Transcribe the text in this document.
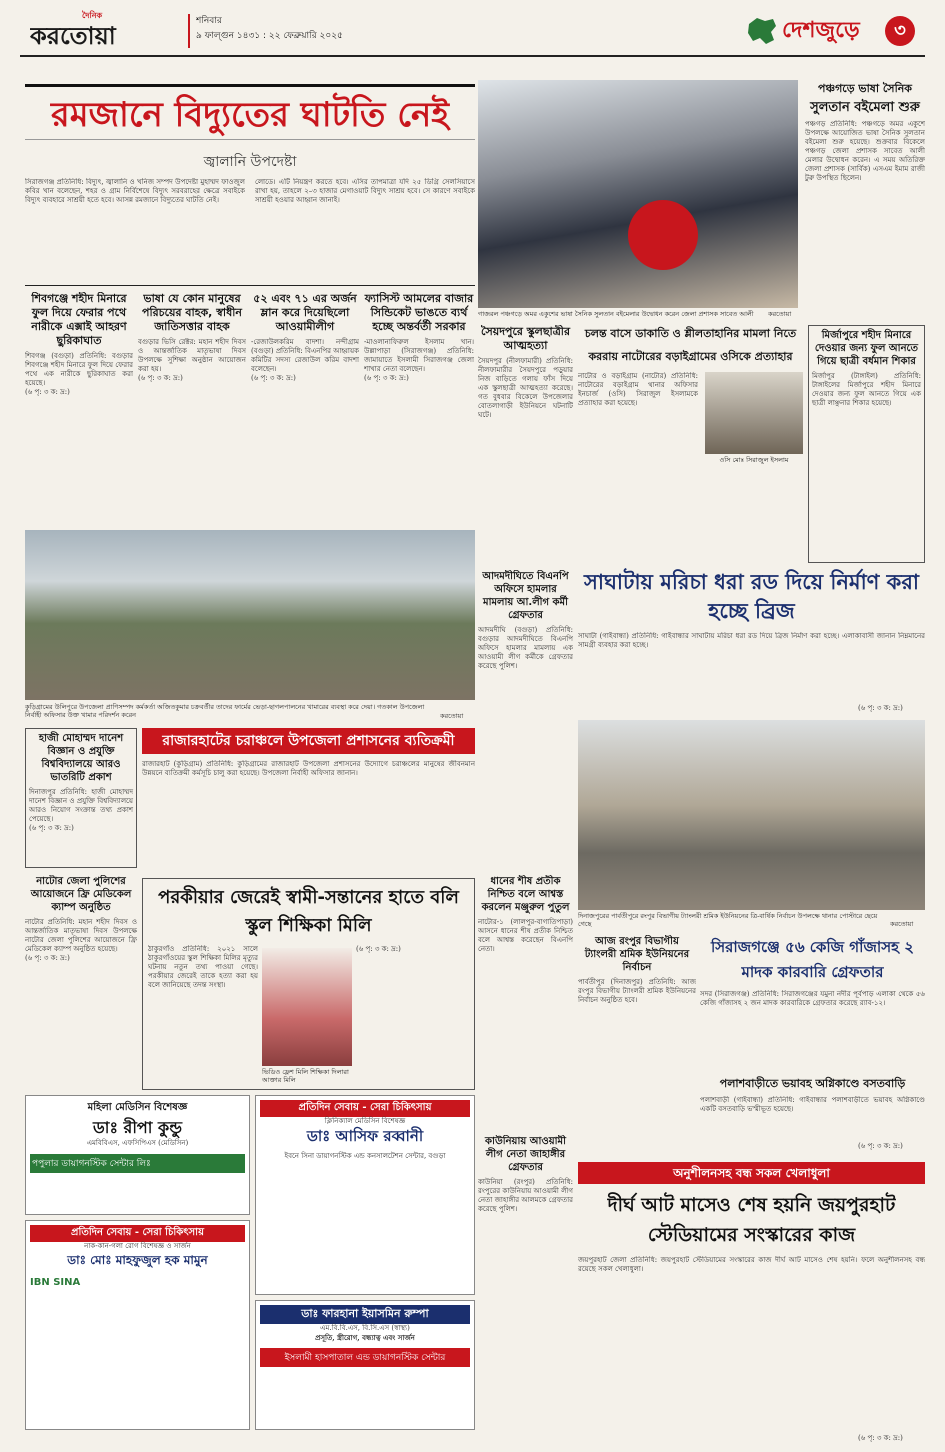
দৈনিক
করতোয়া
শনিবার
৯ ফাল্গুন ১৪৩১ : ২২ ফেব্রুয়ারি ২০২৫	দেশজুড়ে	৩
রমজানে বিদ্যুতের ঘাটতি নেই
জ্বালানি উপদেষ্টা
সিরাজগঞ্জ প্রতিনিধি: বিদ্যুৎ, জ্বালানি ও খনিজ সম্পদ উপদেষ্টা মুহাম্মদ ফাওজুল কবির খান বলেছেন, শহর ও গ্রাম নির্বিশেষে বিদ্যুৎ সরবরাহের ক্ষেত্রে সবাইকে বিদ্যুৎ ব্যবহারে সাশ্রয়ী হতে হবে। আসন্ন রমজানে বিদ্যুতের ঘাটতি নেই।
লোডে। এটি নিয়ন্ত্রণ করতে হবে। এসির তাপমাত্রা যদি ২৫ ডিগ্রি সেলসিয়াসে রাখা হয়, তাহলে ২–৩ হাজার মেগাওয়াট বিদ্যুৎ সাশ্রয় হবে। সে কারণে সবাইকে সাশ্রয়ী হওয়ার আহ্বান জানাই।
গাজরল পঞ্চগড়ে অমর একুশের ভাষা সৈনিক সুলতান বইমেলার উদ্বোধন করেন জেলা প্রশাসক সাবেত আলী	করতোয়া
পঞ্চগড়ে ভাষা সৈনিক
সুলতান বইমেলা শুরু
পঞ্চগড় প্রতিনিধি: পঞ্চগড়ে অমর একুশে উপলক্ষে আয়োজিত ভাষা সৈনিক সুলতান বইমেলা শুরু হয়েছে। শুক্রবার বিকেলে পঞ্চগড় জেলা প্রশাসক সাবেত আলী মেলার উদ্বোধন করেন। এ সময় অতিরিক্ত জেলা প্রশাসক (সার্বিক) এসএম ইমাম রাজী টুরু উপস্থিত ছিলেন।
শিবগঞ্জে শহীদ মিনারে ফুল দিয়ে ফেরার পথে নারীকে এক্সাই আহরণ ছুরিকাঘাত
শিবগঞ্জ (বগুড়া) প্রতিনিধি: বগুড়ার শিবগঞ্জে শহীদ মিনারে ফুল দিয়ে ফেরার পথে এক নারীকে ছুরিকাঘাত করা হয়েছে।
(৬ পৃ: ৩ ক: দ্র:)
ভাষা যে কোন মানুষের পরিচয়ের বাহক, স্বাধীন জাতিসত্তার বাহক
বগুড়ার ভিসি রেক্টর: মহান শহীদ দিবস ও আন্তর্জাতিক মাতৃভাষা দিবস উপলক্ষে সুশিক্ষা অনুষ্ঠান আয়োজন করা হয়।
(৬ পৃ: ৩ ক: দ্র:)
৫২ এবং ৭১ এর অর্জন ম্লান করে দিয়েছিলো আওয়ামীলীগ
-রেজাউলকরিম বাদশা। নন্দীগ্রাম (বগুড়া) প্রতিনিধি: বিএনপির আহ্বায়ক কমিটির সদস্য রেজাউল করিম বাদশা বলেছেন।
(৬ পৃ: ৩ ক: দ্র:)
ফ্যাসিস্ট আমলের বাজার সিন্ডিকেট ভাঙতে ব্যর্থ হচ্ছে অন্তর্বর্তী সরকার
-মাওলানাফিরুল ইসলাম খান। উল্লাপাড়া (সিরাজগঞ্জ) প্রতিনিধি: জামায়াতে ইসলামী সিরাজগঞ্জ জেলা শাখার নেতা বলেছেন।
(৬ পৃ: ৩ ক: দ্র:)
কুড়িগ্রামের উলিপুরে উপজেলা প্রাণিসম্পদ কর্মকর্তা অজিতকুমার চক্রবর্তীর তাদের ফার্মের ভেড়া-ছাগলপালনের খামারের ব্যবস্থা করে দেয়া। গতকাল উপজেলা নির্বাহী অফিসার উক্ত খামার পরিদর্শন করেন	করতোয়া
সৈয়দপুরে স্কুলছাত্রীর আত্মহত্যা
সৈয়দপুর (নীলফামারী) প্রতিনিধি: নীলফামারীর সৈয়দপুরে পড়ুয়ার নিজ বাড়িতে গলায় ফাঁস দিয়ে এক স্কুলছাত্রী আত্মহত্যা করেছে। গত বুধবার বিকেলে উপজেলার বোতলাগাড়ী ইউনিয়নে ঘটনাটি ঘটে।
আদমদীঘিতে বিএনপি অফিসে হামলার মামলায় আ.লীগ কর্মী গ্রেফতার
আদমদীঘি (বগুড়া) প্রতিনিধি: বগুড়ার আদমদীঘিতে বিএনপি অফিসে হামলার মামলায় এক আওয়ামী লীগ কর্মীকে গ্রেফতার করেছে পুলিশ।
চলন্ত বাসে ডাকাতি ও শ্লীলতাহানির মামলা নিতে
কররায় নাটোরের বড়াইগ্রামের ওসিকে প্রত্যাহার
নাটোর ও বড়াইগ্রাম (নাটোর) প্রতিনিধি: নাটোরের বড়াইগ্রাম থানার অফিসার ইনচার্জ (ওসি) সিরাজুল ইসলামকে প্রত্যাহার করা হয়েছে।
ওসি মোঃ সিরাজুল ইসলাম
মির্জাপুরে শহীদ মিনারে দেওয়ার জন্য ফুল আনতে গিয়ে ছাত্রী বর্ধমান শিকার
মির্জাপুর (টাঙ্গাইল) প্রতিনিধি: টাঙ্গাইলের মির্জাপুরে শহীদ মিনারে দেওয়ার জন্য ফুল আনতে গিয়ে এক ছাত্রী লাঞ্ছনার শিকার হয়েছে।
সাঘাটায় মরিচা ধরা রড দিয়ে নির্মাণ করা হচ্ছে ব্রিজ
সাঘাটা (গাইবান্ধা) প্রতিনিধি: গাইবান্ধার সাঘাটায় মরিচা ধরা রড দিয়ে ব্রিজ নির্মাণ করা হচ্ছে। এলাকাবাসী জানান নিম্নমানের সামগ্রী ব্যবহার করা হচ্ছে।
(৬ পৃ: ৩ ক: দ্র:)
হাজী মোহাম্মদ দানেশ বিজ্ঞান ও প্রযুক্তি বিশ্ববিদ্যালয়ে আরও ভাতরিটি প্রকাশ
দিনাজপুর প্রতিনিধি: হাজী মোহাম্মদ দানেশ বিজ্ঞান ও প্রযুক্তি বিশ্ববিদ্যালয়ে আরও নিয়োগ সংক্রান্ত তথ্য প্রকাশ পেয়েছে।
(৬ পৃ: ৩ ক: দ্র:)
রাজারহাটের চরাঞ্চলে উপজেলা প্রশাসনের ব্যতিক্রমী
রাজারহাট (কুড়িগ্রাম) প্রতিনিধি: কুড়িগ্রামের রাজারহাট উপজেলা প্রশাসনের উদ্যোগে চরাঞ্চলের মানুষের জীবনমান উন্নয়নে ব্যতিক্রমী কর্মসূচি চালু করা হয়েছে। উপজেলা নির্বাহী অফিসার জানান।
নাটোর জেলা পুলিশের আয়োজনে ফ্রি মেডিকেল ক্যাম্প অনুষ্ঠিত
নাটোর প্রতিনিধি: মহান শহীদ দিবস ও আন্তর্জাতিক মাতৃভাষা দিবস উপলক্ষে নাটোর জেলা পুলিশের আয়োজনে ফ্রি মেডিকেল ক্যাম্প অনুষ্ঠিত হয়েছে।
(৬ পৃ: ৩ ক: দ্র:)
পরকীয়ার জেরেই স্বামী-সন্তানের হাতে বলি স্কুল শিক্ষিকা মিলি
ঠাকুরগাঁও প্রতিনিধি: ২০২১ সালে ঠাকুরগাঁওয়ের স্কুল শিক্ষিকা মিলির মৃত্যুর ঘটনায় নতুন তথ্য পাওয়া গেছে। পরকীয়ার জেরেই তাকে হত্যা করা হয় বলে জানিয়েছে তদন্ত সংস্থা।
ভিডিও ফ্লেশ মিলি শিক্ষিকা দিলারা আক্তার মিলি
(৬ পৃ: ৩ ক: দ্র:)
ধানের শীষ প্রতীক নিশ্চিত বলে আশ্বস্ত করলেন মঞ্জুরুল পুতুল
নাটোর-১ (লালপুর-বাগাতিপাড়া) আসনে ধানের শীষ প্রতীক নিশ্চিত বলে আশ্বস্ত করেছেন বিএনপি নেতা।
কাউনিয়ায় আওয়ামী লীগ নেতা জাহাঙ্গীর গ্রেফতার
কাউনিয়া (রংপুর) প্রতিনিধি: রংপুরের কাউনিয়ায় আওয়ামী লীগ নেতা জাহাঙ্গীর আলমকে গ্রেফতার করেছে পুলিশ।
দিনাজপুরের পার্বতীপুরে রংপুর বিভাগীয় ট্যাংলরী শ্রমিক ইউনিয়নের ত্রি-বার্ষিক নির্বাচন উপলক্ষে থানার পোস্টারে ছেয়ে গেছে	করতোয়া
আজ রংপুর বিভাগীয় ট্যাংলরী শ্রমিক ইউনিয়নের নির্বাচন
পার্বতীপুর (দিনাজপুর) প্রতিনিধি: আজ রংপুর বিভাগীয় ট্যাংলরী শ্রমিক ইউনিয়নের নির্বাচন অনুষ্ঠিত হবে।
সিরাজগঞ্জে ৫৬ কেজি গাঁজাসহ ২ মাদক কারবারি গ্রেফতার
সদর (সিরাজগঞ্জ) প্রতিনিধি: সিরাজগঞ্জের যমুনা নদীর পূর্বপাড় এলাকা থেকে ৫৬ কেজি গাঁজাসহ ২ জন মাদক কারবারিকে গ্রেফতার করেছে র‌্যাব-১২।
পলাশবাড়ীতে ভয়াবহ অগ্নিকাণ্ডে বসতবাড়ি
পলাশবাড়ী (গাইবান্ধা) প্রতিনিধি: গাইবান্ধার পলাশবাড়ীতে ভয়াবহ অগ্নিকাণ্ডে একটি বসতবাড়ি ভস্মীভূত হয়েছে।
(৬ পৃ: ৩ ক: দ্র:)
অনুশীলনসহ বন্ধ সকল খেলাধুলা
দীর্ঘ আট মাসেও শেষ হয়নি জয়পুরহাট স্টেডিয়ামের সংস্কারের কাজ
জয়পুরহাট জেলা প্রতিনিধি: জয়পুরহাট স্টেডিয়ামের সংস্কারের কাজ দীর্ঘ আট মাসেও শেষ হয়নি। ফলে অনুশীলনসহ বন্ধ রয়েছে সকল খেলাধুলা।
(৬ পৃ: ৩ ক: দ্র:)
মহিলা মেডিসিন বিশেষজ্ঞ
ডাঃ রীপা কুন্ডু
এমবিবিএস, এফসিপিএস (মেডিসিন)
পপুলার ডায়াগনস্টিক সেন্টার লিঃ
প্রতিদিন সেবায় - সেরা চিকিৎসায়
ক্লিনিক্যাল মেডিসিন বিশেষজ্ঞ
ডাঃ আসিফ রব্বানী
ইবনে সিনা ডায়াগনস্টিক এন্ড কনসালটেশন সেন্টার, বগুড়া
প্রতিদিন সেবায় - সেরা চিকিৎসায়
নাক-কান-গলা রোগ বিশেষজ্ঞ ও সার্জন
ডাঃ মোঃ মাহফুজুল হক মামুন
IBN SINA
ডাঃ ফারহানা ইয়াসমিন রুম্পা
এম.বি.বি.এস, বি.সি.এস (স্বাস্থ্য)
প্রসূতি, স্ত্রীরোগ, বন্ধ্যাত্ব এবং সার্জন
ইসলামী হাসপাতাল এন্ড ডায়াগনস্টিক সেন্টার
